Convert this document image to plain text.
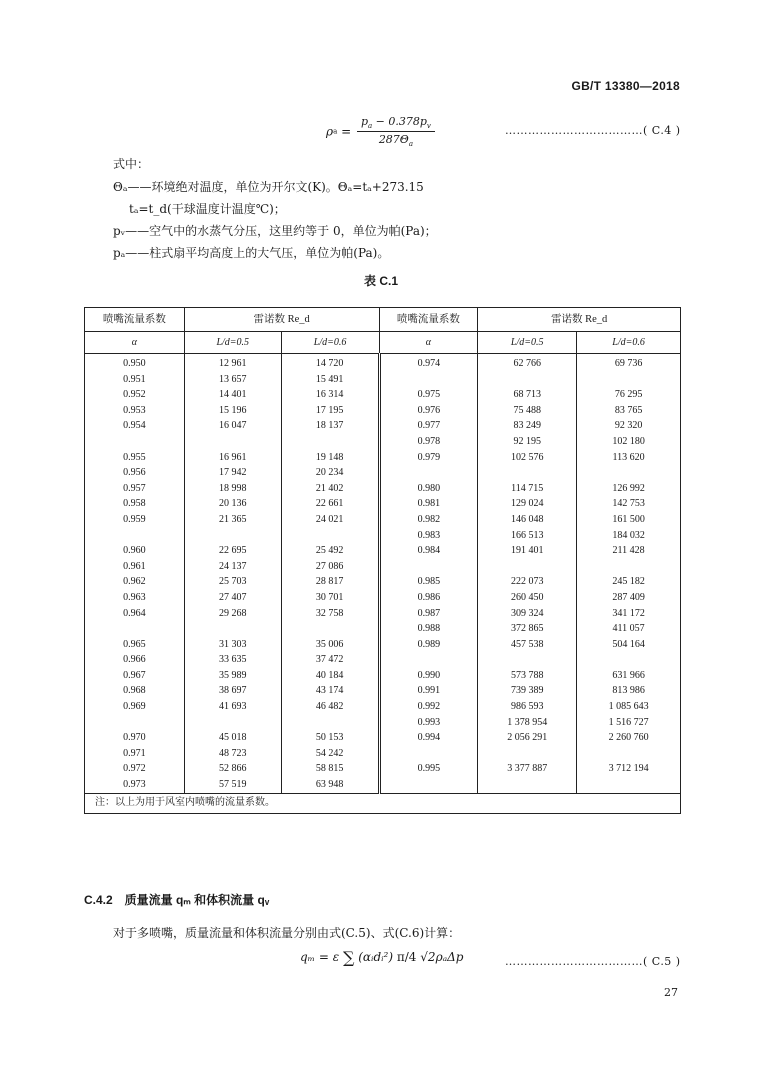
GB/T 13380—2018
$\rho a = \frac{p_a - 0.378p_v}{287\Theta_a}$	………………………………( C.4 )
式中：
Θₐ——环境绝对温度，单位为开尔文(K)。Θₐ=tₐ+273.15
tₐ=t_d(干球温度计温度℃)；
pᵥ——空气中的水蒸气分压，这里约等于 0，单位为帕(Pa)；
pₐ——柱式扇平均高度上的大气压，单位为帕(Pa)。
表 C.1
喷嘴流量系数	雷诺数 Re_d		喷嘴流量系数	雷诺数 Re_d	
α	L/d=0.5	L/d=0.6	α	L/d=0.5	L/d=0.6
0.950	12 961	14 720	0.974	62 766	69 736
0.951	13 657	15 491			
0.952	14 401	16 314	0.975	68 713	76 295
0.953	15 196	17 195	0.976	75 488	83 765
0.954	16 047	18 137	0.977	83 249	92 320
			0.978	92 195	102 180
0.955	16 961	19 148	0.979	102 576	113 620
0.956	17 942	20 234			
0.957	18 998	21 402	0.980	114 715	126 992
0.958	20 136	22 661	0.981	129 024	142 753
0.959	21 365	24 021	0.982	146 048	161 500
			0.983	166 513	184 032
0.960	22 695	25 492	0.984	191 401	211 428
0.961	24 137	27 086			
0.962	25 703	28 817	0.985	222 073	245 182
0.963	27 407	30 701	0.986	260 450	287 409
0.964	29 268	32 758	0.987	309 324	341 172
			0.988	372 865	411 057
0.965	31 303	35 006	0.989	457 538	504 164
0.966	33 635	37 472			
0.967	35 989	40 184	0.990	573 788	631 966
0.968	38 697	43 174	0.991	739 389	813 986
0.969	41 693	46 482	0.992	986 593	1 085 643
			0.993	1 378 954	1 516 727
0.970	45 018	50 153	0.994	2 056 291	2 260 760
0.971	48 723	54 242			
0.972	52 866	58 815	0.995	3 377 887	3 712 194
0.973	57 519	63 948			
注：以上为用于风室内喷嘴的流量系数。					
C.4.2　质量流量 qₘ 和体积流量 qᵥ
对于多喷嘴，质量流量和体积流量分别由式(C.5)、式(C.6)计算：
qₘ = ε ∑ (αᵢdᵢ²) π/4 √2ρₐΔp	………………………………( C.5 )
27
